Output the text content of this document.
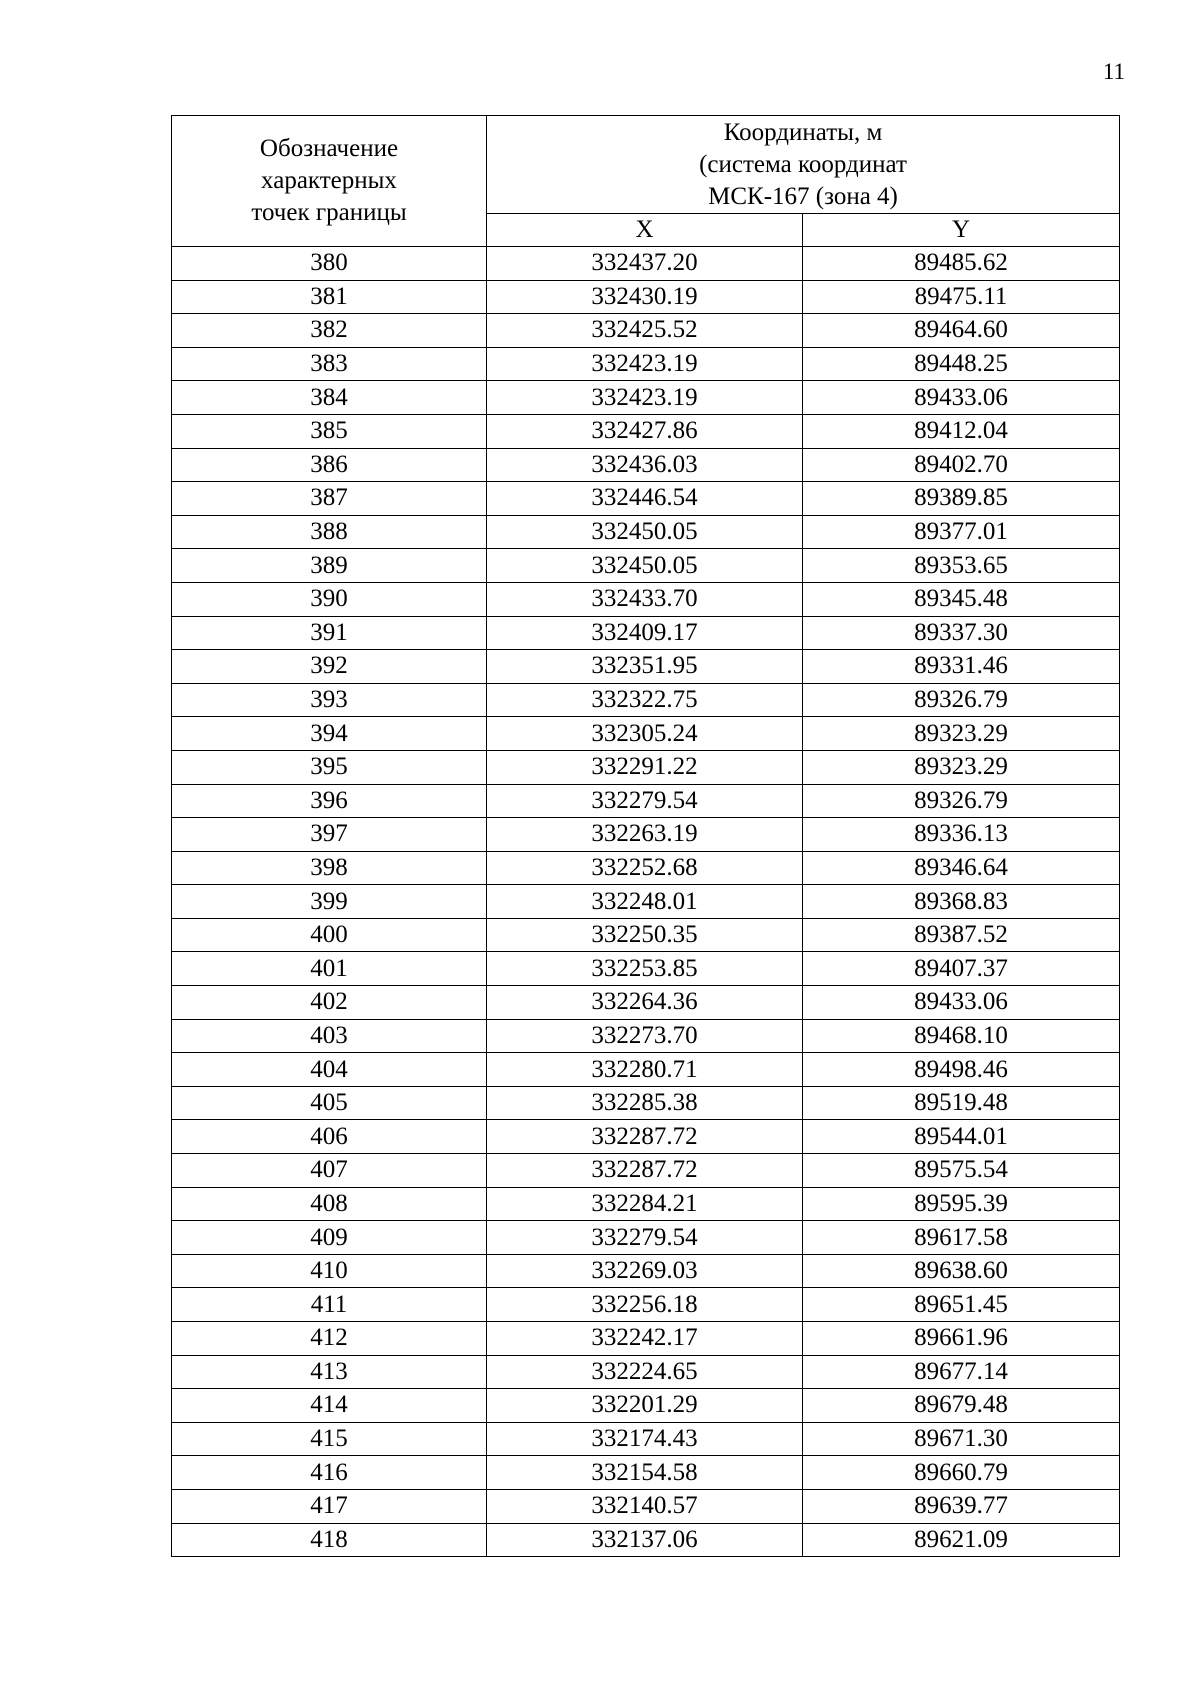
11
Обозначение
характерных
точек границы	Координаты, м
(система координат
МСК-167 (зона 4)	

	X	Y
380	332437.20	89485.62
381	332430.19	89475.11
382	332425.52	89464.60
383	332423.19	89448.25
384	332423.19	89433.06
385	332427.86	89412.04
386	332436.03	89402.70
387	332446.54	89389.85
388	332450.05	89377.01
389	332450.05	89353.65
390	332433.70	89345.48
391	332409.17	89337.30
392	332351.95	89331.46
393	332322.75	89326.79
394	332305.24	89323.29
395	332291.22	89323.29
396	332279.54	89326.79
397	332263.19	89336.13
398	332252.68	89346.64
399	332248.01	89368.83
400	332250.35	89387.52
401	332253.85	89407.37
402	332264.36	89433.06
403	332273.70	89468.10
404	332280.71	89498.46
405	332285.38	89519.48
406	332287.72	89544.01
407	332287.72	89575.54
408	332284.21	89595.39
409	332279.54	89617.58
410	332269.03	89638.60
411	332256.18	89651.45
412	332242.17	89661.96
413	332224.65	89677.14
414	332201.29	89679.48
415	332174.43	89671.30
416	332154.58	89660.79
417	332140.57	89639.77
418	332137.06	89621.09
